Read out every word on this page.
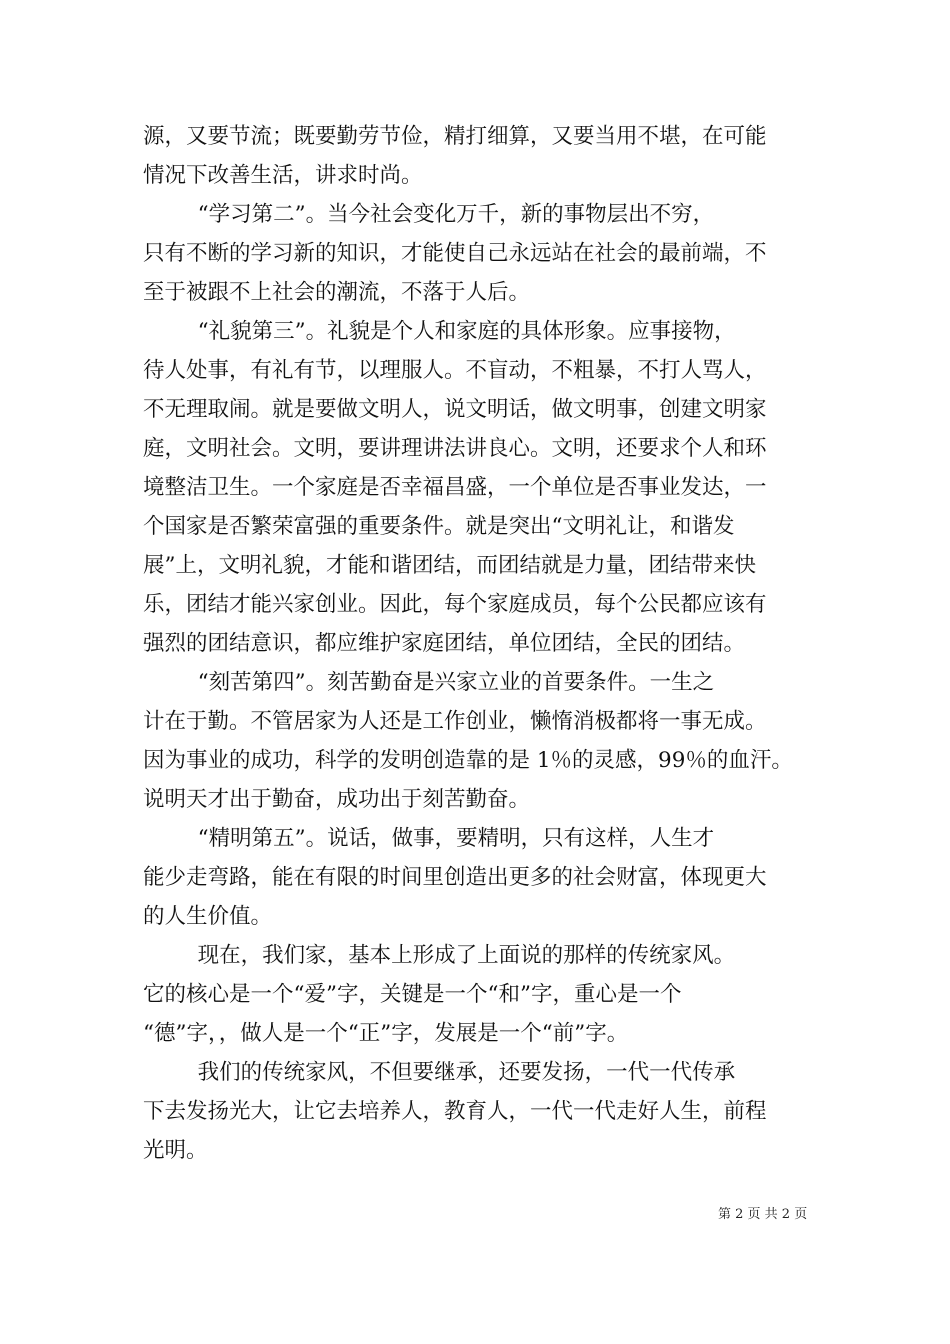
源，又要节流；既要勤劳节俭，精打细算，又要当用不堪，在可能
情况下改善生活，讲求时尚。
“学习第二”。当今社会变化万千，新的事物层出不穷，
只有不断的学习新的知识，才能使自己永远站在社会的最前端，不
至于被跟不上社会的潮流，不落于人后。
“礼貌第三”。礼貌是个人和家庭的具体形象。应事接物，
待人处事，有礼有节，以理服人。不盲动，不粗暴，不打人骂人，
不无理取闹。就是要做文明人，说文明话，做文明事，创建文明家
庭，文明社会。文明，要讲理讲法讲良心。文明，还要求个人和环
境整洁卫生。一个家庭是否幸福昌盛，一个单位是否事业发达，一
个国家是否繁荣富强的重要条件。就是突出“文明礼让，和谐发
展”上，文明礼貌，才能和谐团结，而团结就是力量，团结带来快
乐，团结才能兴家创业。因此，每个家庭成员，每个公民都应该有
强烈的团结意识，都应维护家庭团结，单位团结，全民的团结。
“刻苦第四”。刻苦勤奋是兴家立业的首要条件。一生之
计在于勤。不管居家为人还是工作创业，懒惰消极都将一事无成。
因为事业的成功，科学的发明创造靠的是 1％的灵感，99％的血汗。
说明天才出于勤奋，成功出于刻苦勤奋。
“精明第五”。说话，做事，要精明，只有这样，人生才
能少走弯路，能在有限的时间里创造出更多的社会财富，体现更大
的人生价值。
现在，我们家，基本上形成了上面说的那样的传统家风。
它的核心是一个“爱”字，关键是一个“和”字，重心是一个
“德”字，，做人是一个“正”字，发展是一个“前”字。
我们的传统家风，不但要继承，还要发扬，一代一代传承
下去发扬光大，让它去培养人，教育人，一代一代走好人生，前程
光明。
第 2 页 共 2 页
